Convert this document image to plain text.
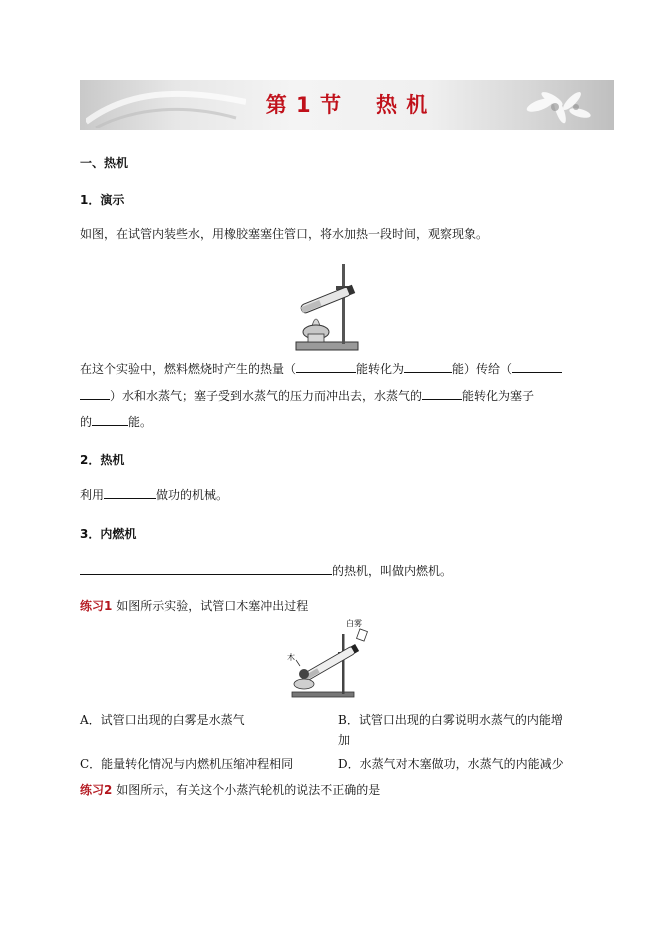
第 1 节 热 机
一、热机
1．演示
如图，在试管内装些水，用橡胶塞塞住管口，将水加热一段时间，观察现象。
在这个实验中，燃料燃烧时产生的热量（	能转化为	能）传给（
）水和水蒸气；塞子受到水蒸气的压力而冲出去，水蒸气的	能转化为塞子
的	能。
2．热机
利用	做功的机械。
3．内燃机
的热机，叫做内燃机。
练习1 如图所示实验，试管口木塞冲出过程
白雾
木
A．试管口出现的白雾是水蒸气	B．试管口出现的白雾说明水蒸气的内能增
加
C．能量转化情况与内燃机压缩冲程相同	D．水蒸气对木塞做功，水蒸气的内能减少
练习2 如图所示，有关这个小蒸汽轮机的说法不正确的是
